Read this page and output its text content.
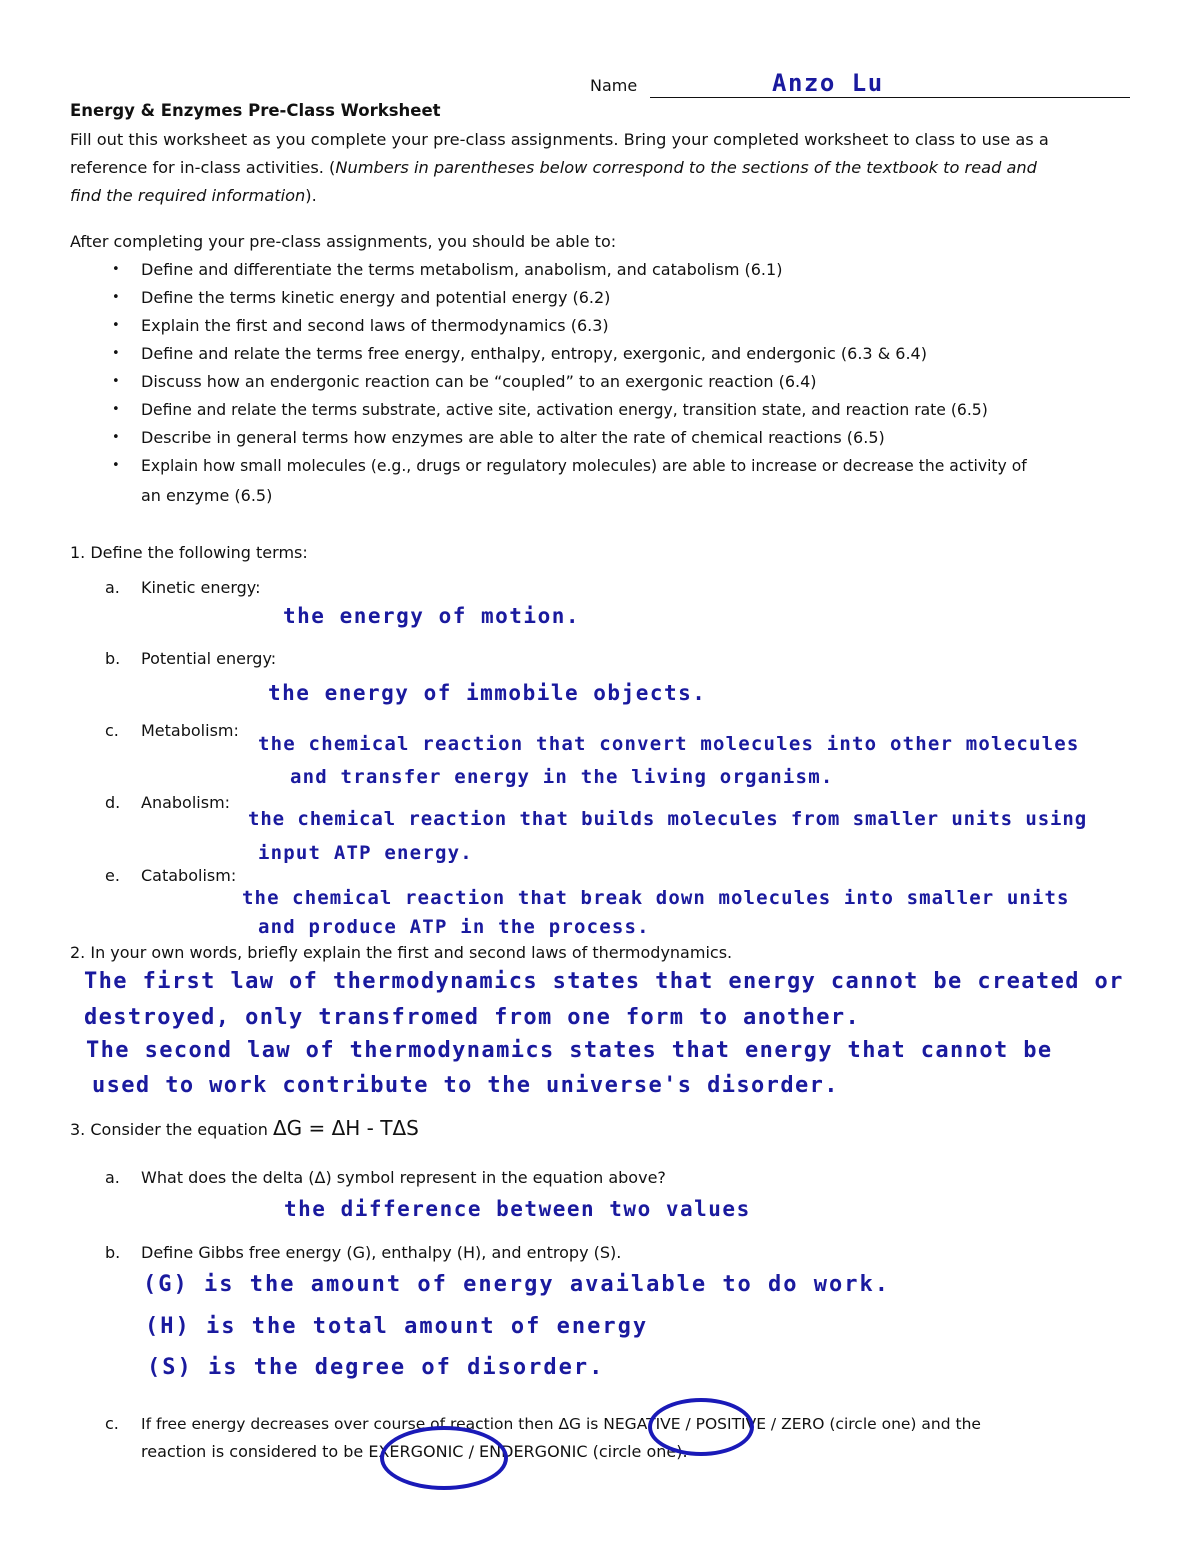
Name	Anzo Lu
Energy & Enzymes Pre-Class Worksheet
Fill out this worksheet as you complete your pre-class assignments. Bring your completed worksheet to class to use as a
reference for in-class activities. (Numbers in parentheses below correspond to the sections of the textbook to read and
find the required information).
After completing your pre-class assignments, you should be able to:
• Define and differentiate the terms metabolism, anabolism, and catabolism (6.1)
• Define the terms kinetic energy and potential energy (6.2)
• Explain the first and second laws of thermodynamics (6.3)
• Define and relate the terms free energy, enthalpy, entropy, exergonic, and endergonic (6.3 & 6.4)
• Discuss how an endergonic reaction can be “coupled” to an exergonic reaction (6.4)
• Define and relate the terms substrate, active site, activation energy, transition state, and reaction rate (6.5)
• Describe in general terms how enzymes are able to alter the rate of chemical reactions (6.5)
• Explain how small molecules (e.g., drugs or regulatory molecules) are able to increase or decrease the activity of
an enzyme (6.5)
1. Define the following terms:
a. Kinetic energy:
the energy of motion.
b. Potential energy:
the energy of immobile objects.
c. Metabolism:
the chemical reaction that convert molecules into other molecules
and transfer energy in the living organism.
d. Anabolism:
the chemical reaction that builds molecules from smaller units using
input ATP energy.
e. Catabolism:
the chemical reaction that break down molecules into smaller units
and produce ATP in the process.
2. In your own words, briefly explain the first and second laws of thermodynamics.
The first law of thermodynamics states that energy cannot be created or
destroyed, only transfromed from one form to another.
The second law of thermodynamics states that energy that cannot be
used to work contribute to the universe's disorder.
3. Consider the equation ΔG = ΔH - TΔS
a. What does the delta (Δ) symbol represent in the equation above?
the difference between two values
b. Define Gibbs free energy (G), enthalpy (H), and entropy (S).
(G) is the amount of energy available to do work.
(H) is the total amount of energy
(S) is the degree of disorder.
c. If free energy decreases over course of reaction then ΔG is NEGATIVE / POSITIVE / ZERO (circle one) and the
reaction is considered to be EXERGONIC / ENDERGONIC (circle one).
